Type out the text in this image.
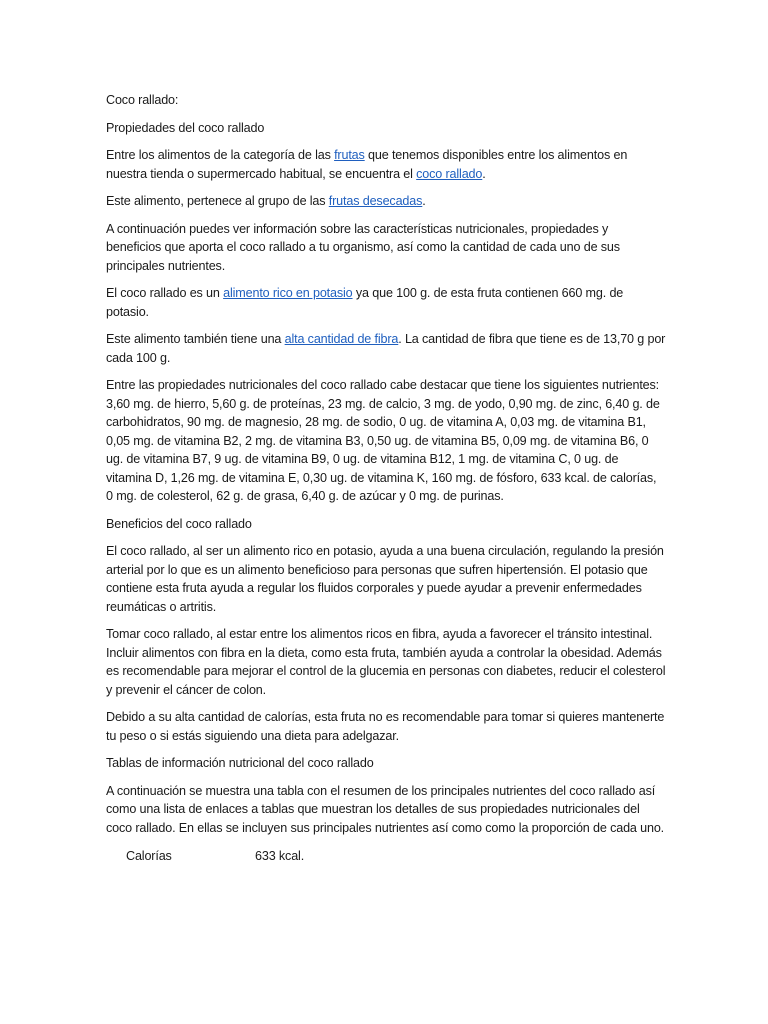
Coco rallado:

Propiedades del coco rallado

Entre los alimentos de la categoría de las frutas que tenemos disponibles entre los alimentos en nuestra tienda o supermercado habitual, se encuentra el coco rallado.

Este alimento, pertenece al grupo de las frutas desecadas.

A continuación puedes ver información sobre las características nutricionales, propiedades y beneficios que aporta el coco rallado a tu organismo, así como la cantidad de cada uno de sus principales nutrientes.

El coco rallado es un alimento rico en potasio ya que 100 g. de esta fruta contienen 660 mg. de potasio.

Este alimento también tiene una alta cantidad de fibra. La cantidad de fibra que tiene es de 13,70 g por cada 100 g.

Entre las propiedades nutricionales del coco rallado cabe destacar que tiene los siguientes nutrientes: 3,60 mg. de hierro, 5,60 g. de proteínas, 23 mg. de calcio, 3 mg. de yodo, 0,90 mg. de zinc, 6,40 g. de carbohidratos, 90 mg. de magnesio, 28 mg. de sodio, 0 ug. de vitamina A, 0,03 mg. de vitamina B1, 0,05 mg. de vitamina B2, 2 mg. de vitamina B3, 0,50 ug. de vitamina B5, 0,09 mg. de vitamina B6, 0 ug. de vitamina B7, 9 ug. de vitamina B9, 0 ug. de vitamina B12, 1 mg. de vitamina C, 0 ug. de vitamina D, 1,26 mg. de vitamina E, 0,30 ug. de vitamina K, 160 mg. de fósforo, 633 kcal. de calorías, 0 mg. de colesterol, 62 g. de grasa, 6,40 g. de azúcar y 0 mg. de purinas.

Beneficios del coco rallado

El coco rallado, al ser un alimento rico en potasio, ayuda a una buena circulación, regulando la presión arterial por lo que es un alimento beneficioso para personas que sufren hipertensión. El potasio que contiene esta fruta ayuda a regular los fluidos corporales y puede ayudar a prevenir enfermedades reumáticas o artritis.

Tomar coco rallado, al estar entre los alimentos ricos en fibra, ayuda a favorecer el tránsito intestinal. Incluir alimentos con fibra en la dieta, como esta fruta, también ayuda a controlar la obesidad. Además es recomendable para mejorar el control de la glucemia en personas con diabetes, reducir el colesterol y prevenir el cáncer de colon.

Debido a su alta cantidad de calorías, esta fruta no es recomendable para tomar si quieres mantenerte tu peso o si estás siguiendo una dieta para adelgazar.

Tablas de información nutricional del coco rallado

A continuación se muestra una tabla con el resumen de los principales nutrientes del coco rallado así como una lista de enlaces a tablas que muestran los detalles de sus propiedades nutricionales del coco rallado. En ellas se incluyen sus principales nutrientes así como como la proporción de cada uno.

Calorías	633 kcal.
